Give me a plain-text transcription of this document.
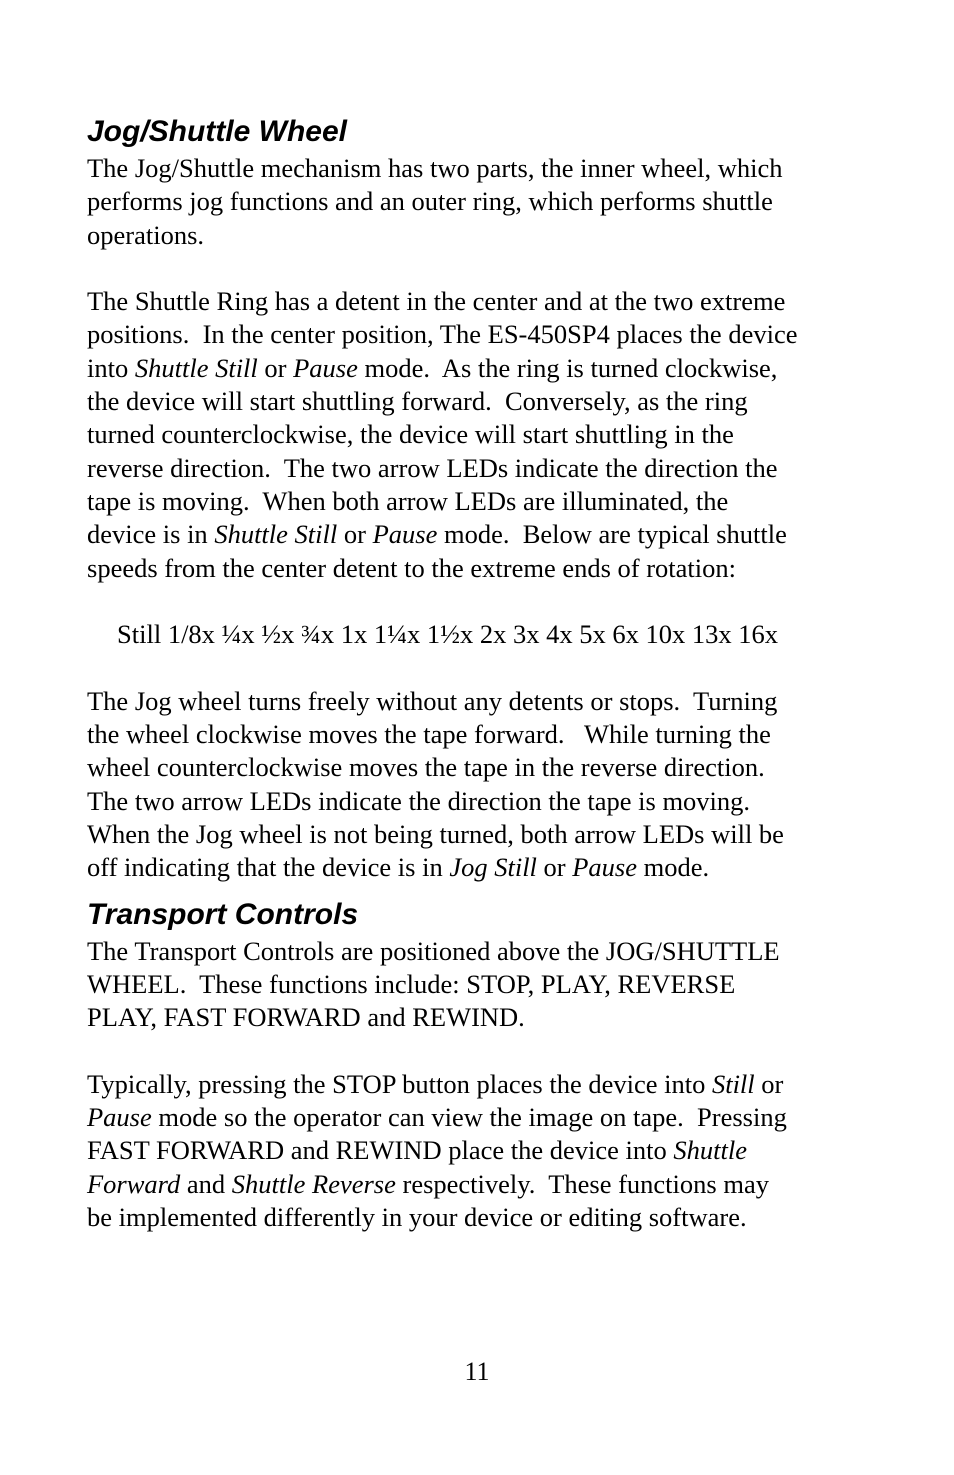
Jog/Shuttle Wheel

The Jog/Shuttle mechanism has two parts, the inner wheel, which
performs jog functions and an outer ring, which performs shuttle
operations.

The Shuttle Ring has a detent in the center and at the two extreme
positions.  In the center position, The ES-450SP4 places the device
into Shuttle Still or Pause mode.  As the ring is turned clockwise,
the device will start shuttling forward.  Conversely, as the ring
turned counterclockwise, the device will start shuttling in the
reverse direction.  The two arrow LEDs indicate the direction the
tape is moving.  When both arrow LEDs are illuminated, the
device is in Shuttle Still or Pause mode.  Below are typical shuttle
speeds from the center detent to the extreme ends of rotation:

Still 1/8x ¼x ½x ¾x 1x 1¼x 1½x 2x 3x 4x 5x 6x 10x 13x 16x

The Jog wheel turns freely without any detents or stops.  Turning
the wheel clockwise moves the tape forward.   While turning the
wheel counterclockwise moves the tape in the reverse direction.
The two arrow LEDs indicate the direction the tape is moving.
When the Jog wheel is not being turned, both arrow LEDs will be
off indicating that the device is in Jog Still or Pause mode.

Transport Controls

The Transport Controls are positioned above the JOG/SHUTTLE
WHEEL.  These functions include: STOP, PLAY, REVERSE
PLAY, FAST FORWARD and REWIND.

Typically, pressing the STOP button places the device into Still or
Pause mode so the operator can view the image on tape.  Pressing
FAST FORWARD and REWIND place the device into Shuttle
Forward and Shuttle Reverse respectively.  These functions may
be implemented differently in your device or editing software.

11
